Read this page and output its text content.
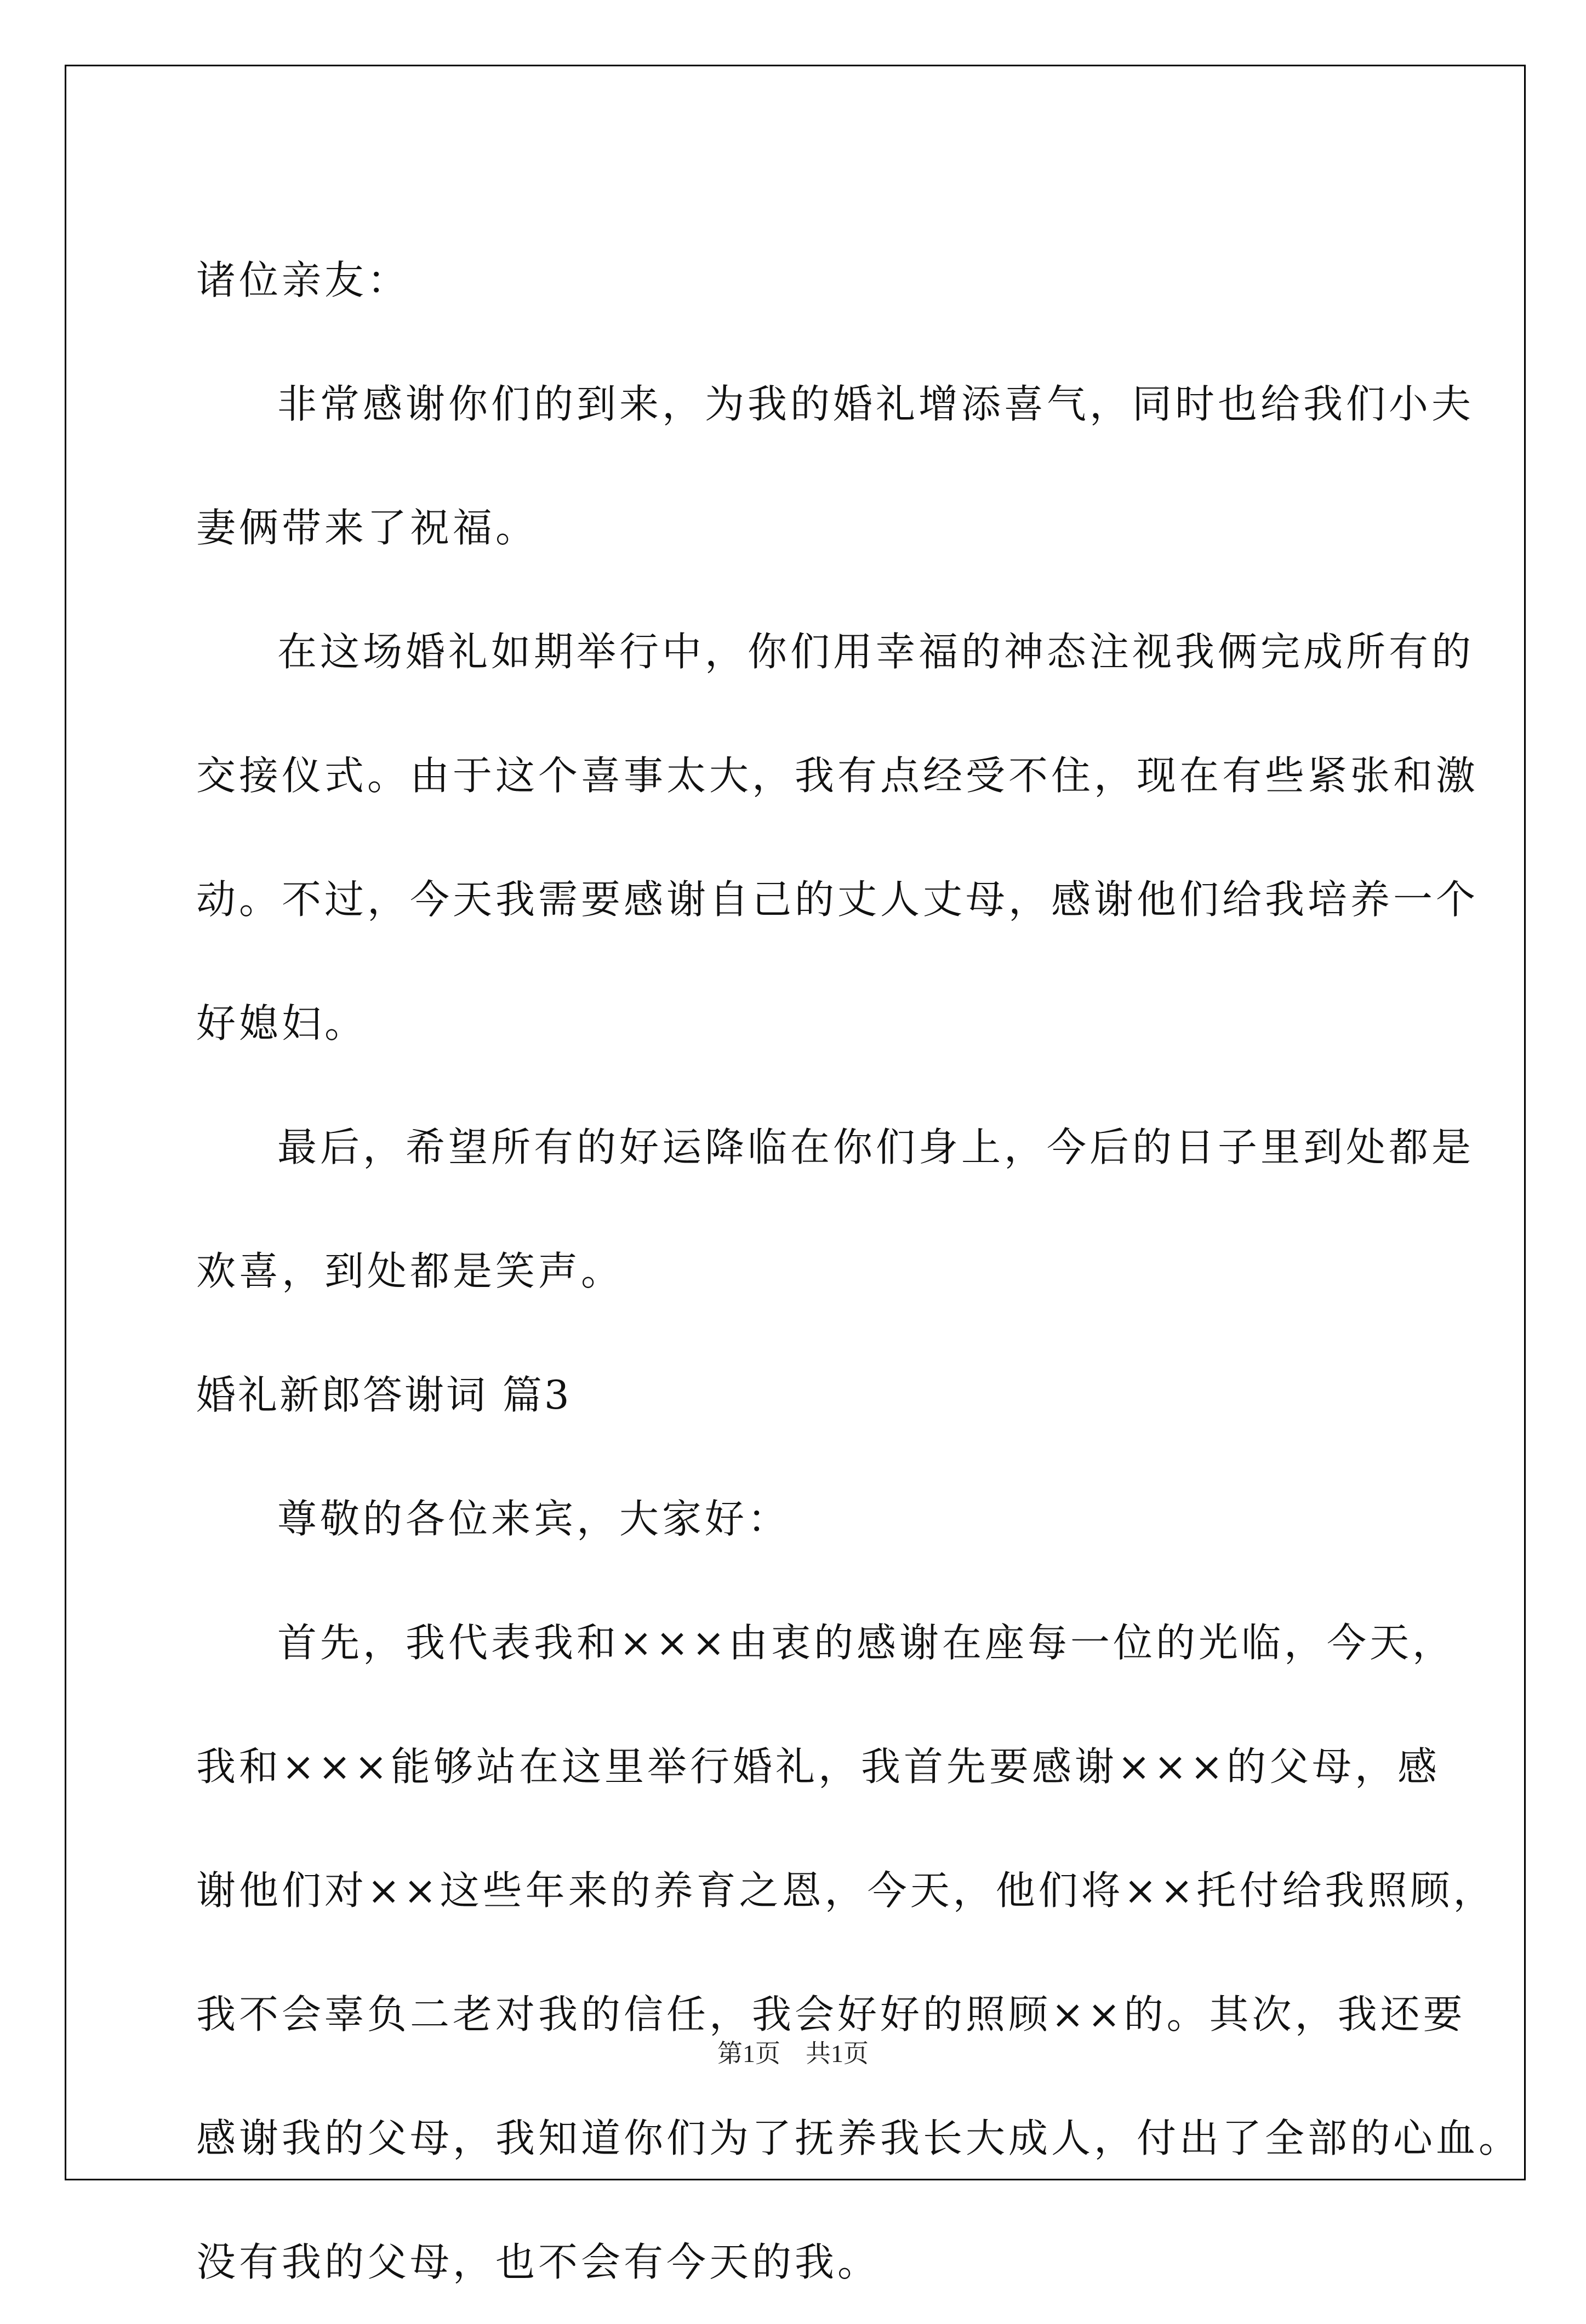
诸位亲友：

非常感谢你们的到来，为我的婚礼增添喜气，同时也给我们小夫

妻俩带来了祝福。

在这场婚礼如期举行中，你们用幸福的神态注视我俩完成所有的

交接仪式。由于这个喜事太大，我有点经受不住，现在有些紧张和激

动。不过，今天我需要感谢自己的丈人丈母，感谢他们给我培养一个

好媳妇。

最后，希望所有的好运降临在你们身上，今后的日子里到处都是

欢喜，到处都是笑声。

婚礼新郎答谢词 篇3

尊敬的各位来宾，大家好：

首先，我代表我和×××由衷的感谢在座每一位的光临，今天，

我和×××能够站在这里举行婚礼，我首先要感谢×××的父母，感

谢他们对××这些年来的养育之恩，今天，他们将××托付给我照顾，

我不会辜负二老对我的信任，我会好好的照顾××的。其次，我还要

感谢我的父母，我知道你们为了抚养我长大成人，付出了全部的心血。

没有我的父母，也不会有今天的我。

第1页　共1页
